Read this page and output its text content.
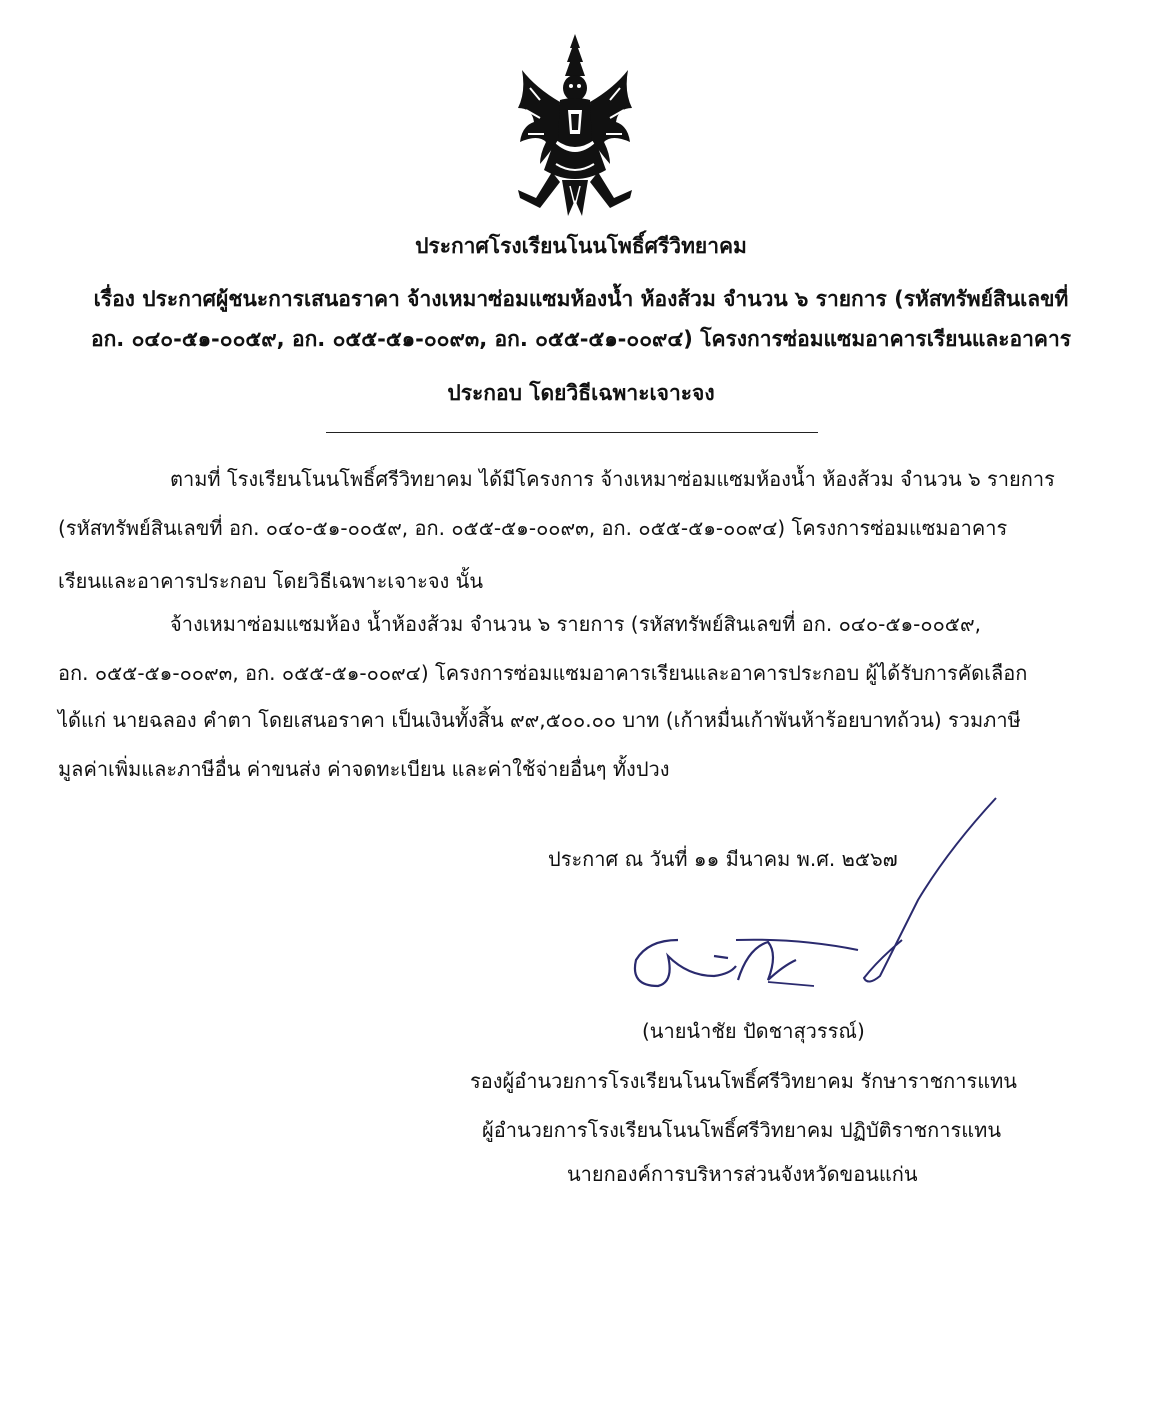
ประกาศโรงเรียนโนนโพธิ์ศรีวิทยาคม
เรื่อง ประกาศผู้ชนะการเสนอราคา จ้างเหมาซ่อมแซมห้องน้ำ ห้องส้วม จำนวน ๖ รายการ (รหัสทรัพย์สินเลขที่
อก. ๐๔๐-๕๑-๐๐๕๙, อก. ๐๕๕-๕๑-๐๐๙๓, อก. ๐๕๕-๕๑-๐๐๙๔) โครงการซ่อมแซมอาคารเรียนและอาคาร
ประกอบ โดยวิธีเฉพาะเจาะจง
ตามที่ โรงเรียนโนนโพธิ์ศรีวิทยาคม ได้มีโครงการ จ้างเหมาซ่อมแซมห้องน้ำ ห้องส้วม จำนวน ๖ รายการ
(รหัสทรัพย์สินเลขที่ อก. ๐๔๐-๕๑-๐๐๕๙, อก. ๐๕๕-๕๑-๐๐๙๓, อก. ๐๕๕-๕๑-๐๐๙๔) โครงการซ่อมแซมอาคาร
เรียนและอาคารประกอบ โดยวิธีเฉพาะเจาะจง นั้น
จ้างเหมาซ่อมแซมห้อง น้ำห้องส้วม จำนวน ๖ รายการ (รหัสทรัพย์สินเลขที่ อก. ๐๔๐-๕๑-๐๐๕๙,
อก. ๐๕๕-๕๑-๐๐๙๓, อก. ๐๕๕-๕๑-๐๐๙๔) โครงการซ่อมแซมอาคารเรียนและอาคารประกอบ ผู้ได้รับการคัดเลือก
ได้แก่ นายฉลอง คำตา โดยเสนอราคา เป็นเงินทั้งสิ้น ๙๙,๕๐๐.๐๐ บาท (เก้าหมื่นเก้าพันห้าร้อยบาทถ้วน) รวมภาษี
มูลค่าเพิ่มและภาษีอื่น ค่าขนส่ง ค่าจดทะเบียน และค่าใช้จ่ายอื่นๆ ทั้งปวง
ประกาศ ณ วันที่ ๑๑ มีนาคม พ.ศ. ๒๕๖๗
(นายนำชัย ปัดชาสุวรรณ์)
รองผู้อำนวยการโรงเรียนโนนโพธิ์ศรีวิทยาคม รักษาราชการแทน
ผู้อำนวยการโรงเรียนโนนโพธิ์ศรีวิทยาคม ปฏิบัติราชการแทน
นายกองค์การบริหารส่วนจังหวัดขอนแก่น
